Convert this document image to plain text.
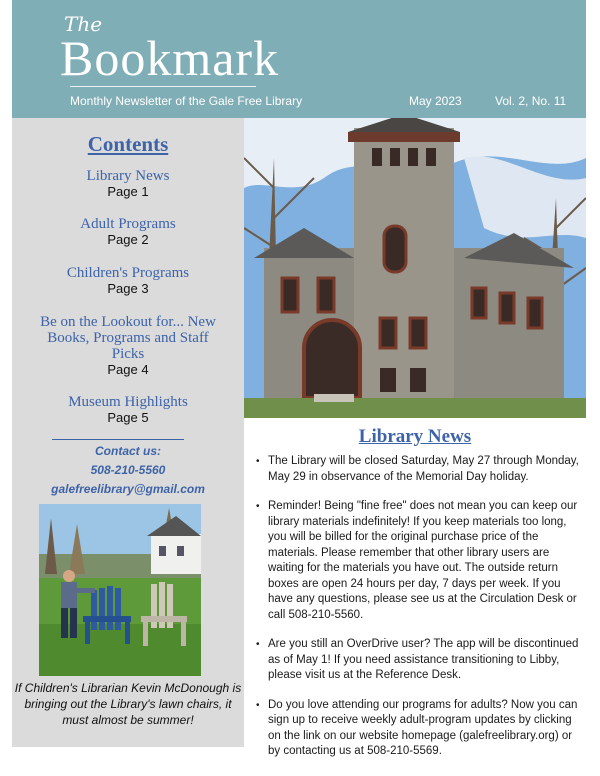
The
Bookmark
Monthly Newsletter of the Gale Free Library	May 2023	Vol. 2, No. 11
Contents
Library News
Page 1
Adult Programs
Page 2
Children's Programs
Page 3
Be on the Lookout for... New Books, Programs and Staff Picks
Page 4
Museum Highlights
Page 5
Contact us:
508-210-5560
galefreelibrary@gmail.com
If Children's Librarian Kevin McDonough is bringing out the Library's lawn chairs, it must almost be summer!
Library News
• The Library will be closed Saturday, May 27 through Monday, May 29 in observance of the Memorial Day holiday.
• Reminder! Being "fine free" does not mean you can keep our library materials indefinitely! If you keep materials too long, you will be billed for the original purchase price of the materials. Please remember that other library users are waiting for the materials you have out. The outside return boxes are open 24 hours per day, 7 days per week. If you have any questions, please see us at the Circulation Desk or call 508-210-5560.
• Are you still an OverDrive user? The app will be discontinued as of May 1! If you need assistance transitioning to Libby, please visit us at the Reference Desk.
• Do you love attending our programs for adults? Now you can sign up to receive weekly adult-program updates by clicking on the link on our website homepage (galefreelibrary.org) or by contacting us at 508-210-5569.
